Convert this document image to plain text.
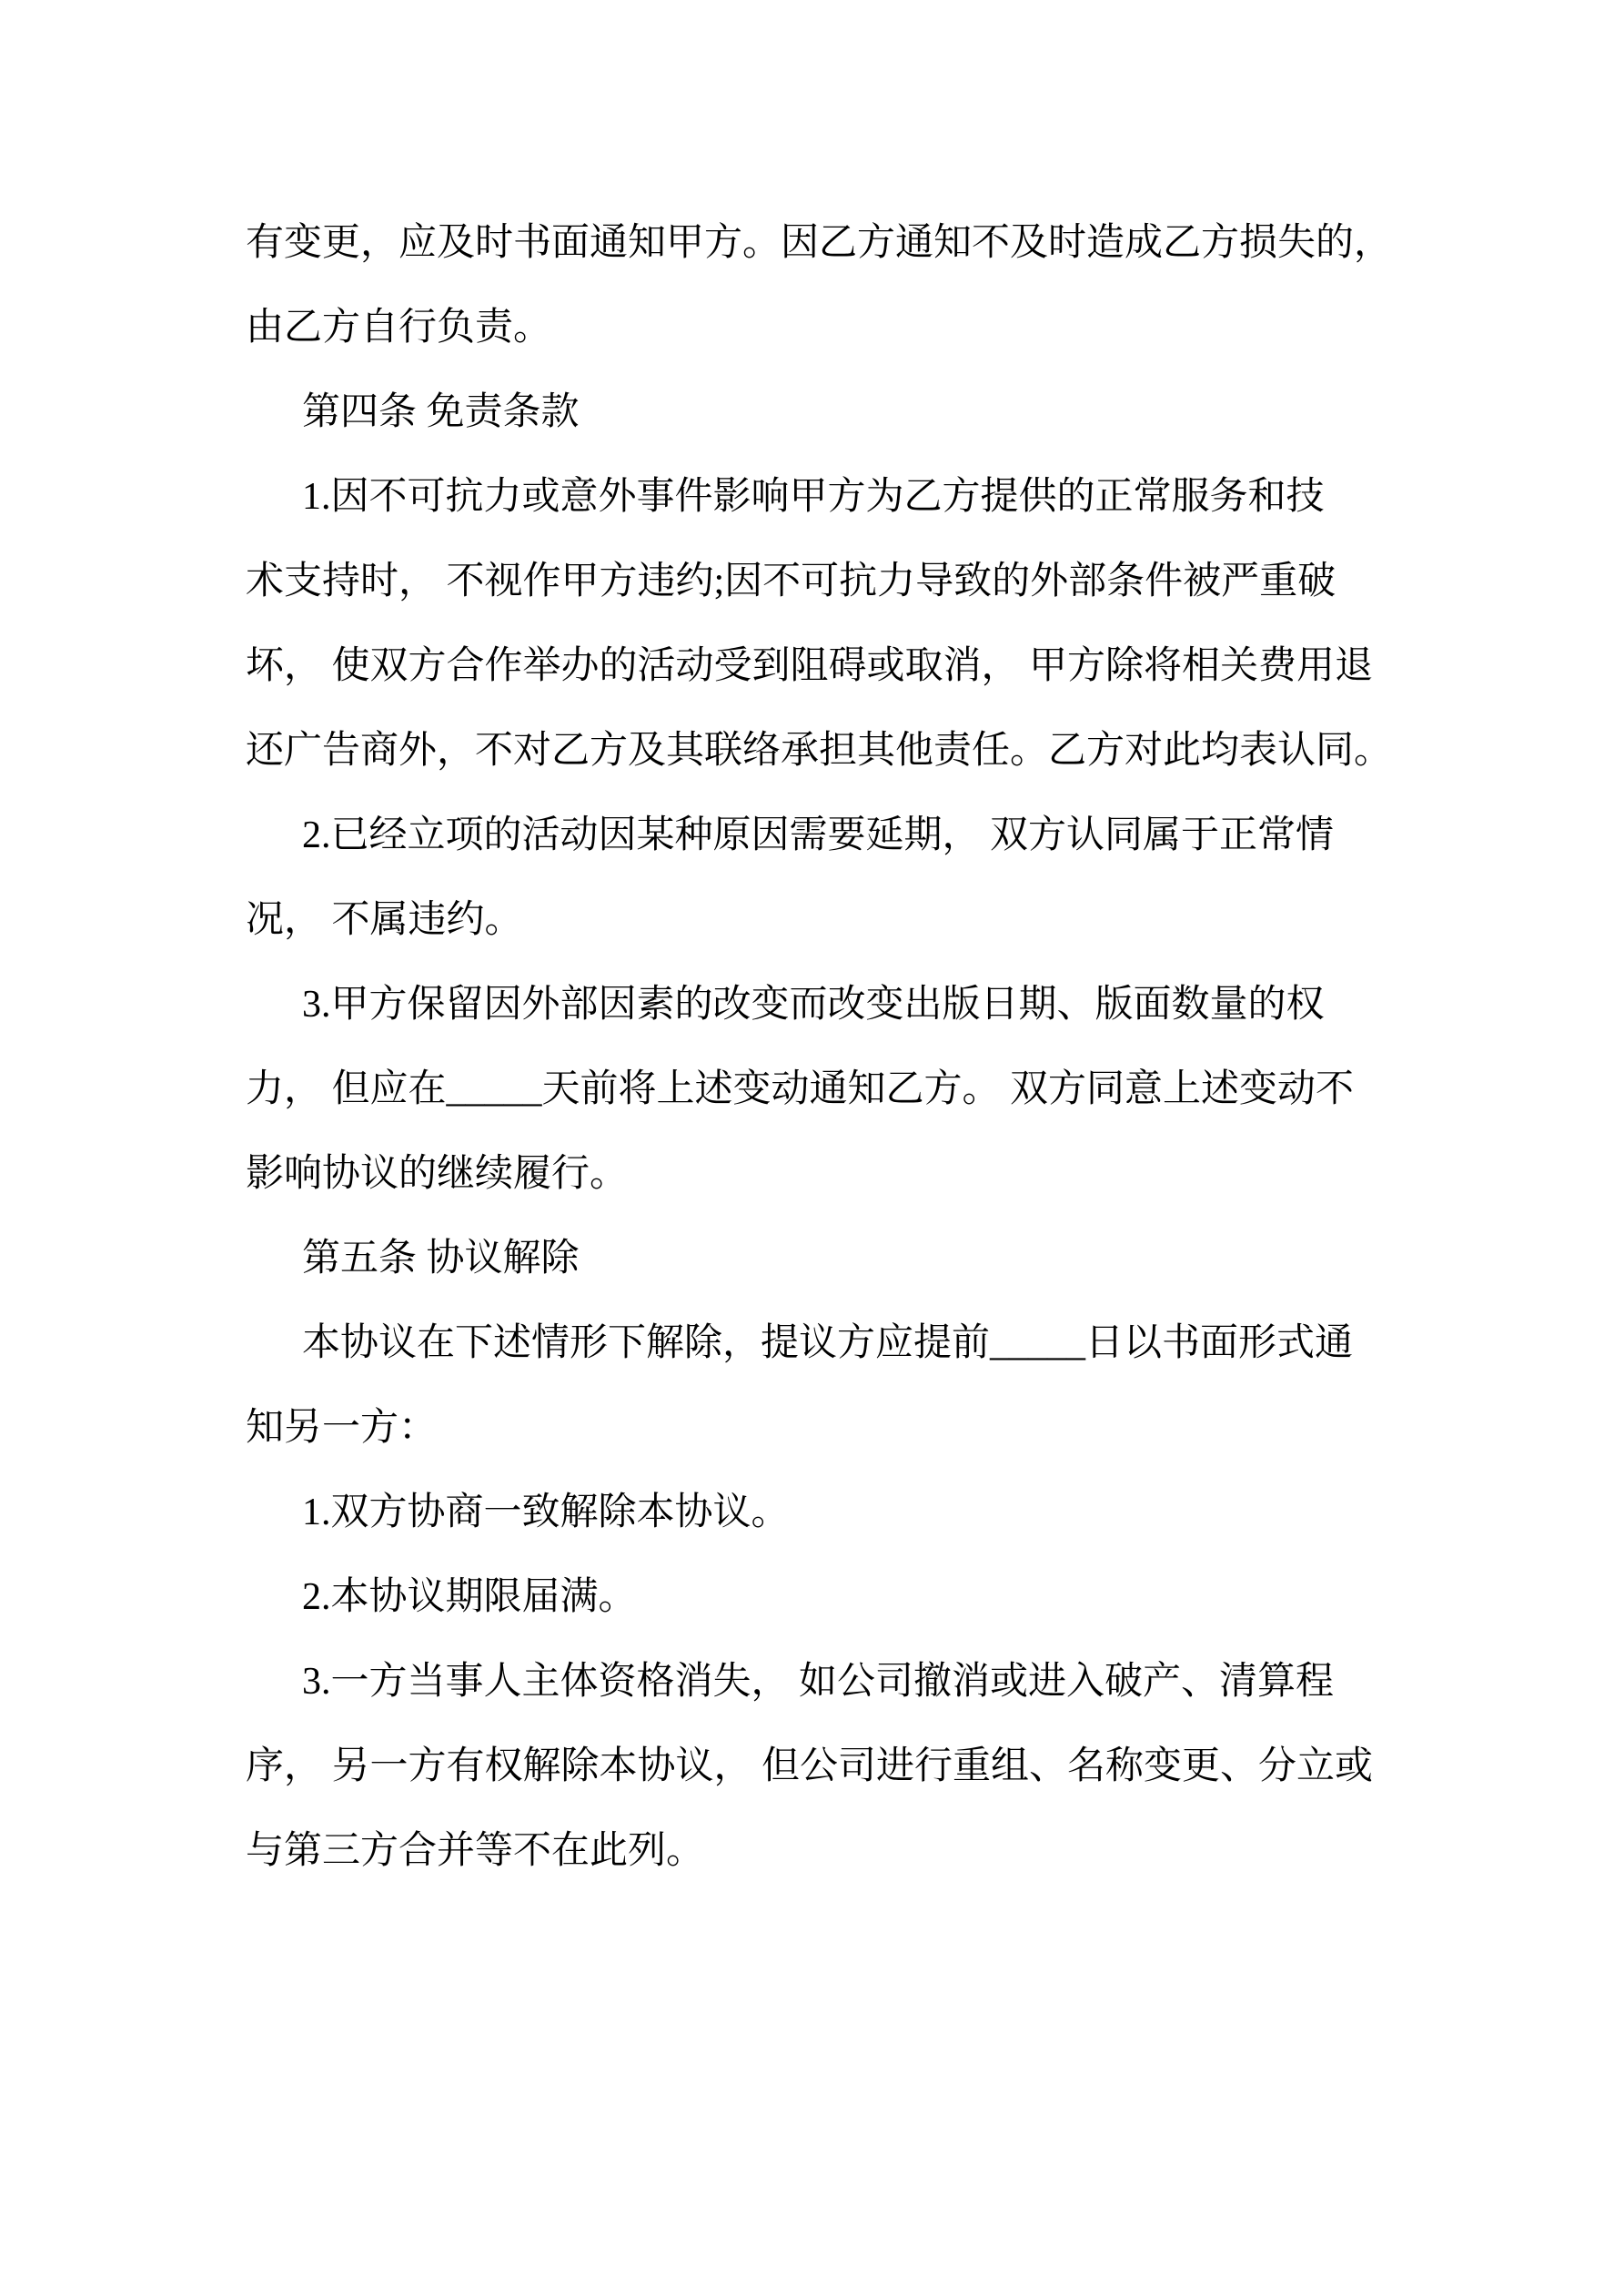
有变更，应及时书面通知甲方。因乙方通知不及时造成乙方损失的，
由乙方自行负责。
第四条 免责条款
1.因不可抗力或意外事件影响甲方为乙方提供的正常服务和技
术支持时， 不视作甲方违约;因不可抗力导致的外部条件被严重破
坏， 使双方合作举办的活动受到阻碍或取消， 甲方除将相关费用退
还广告商外，不对乙方及其联络承担其他责任。乙方对此均表认同。
2.已经立项的活动因某种原因需要延期， 双方认同属于正常情
况， 不属违约。
3.甲方保留因外部因素的改变而改变出版日期、版面数量的权
力， 但应在_____天前将上述变动通知乙方。 双方同意上述变动不
影响协议的继续履行。
第五条 协议解除
本协议在下述情形下解除，提议方应提前_____日以书面形式通
知另一方：
1.双方协商一致解除本协议。
2.本协议期限届满。
3.一方当事人主体资格消失， 如公司撤消或进入破产、清算程
序， 另一方有权解除本协议， 但公司进行重组、名称变更、分立或
与第三方合并等不在此列。
